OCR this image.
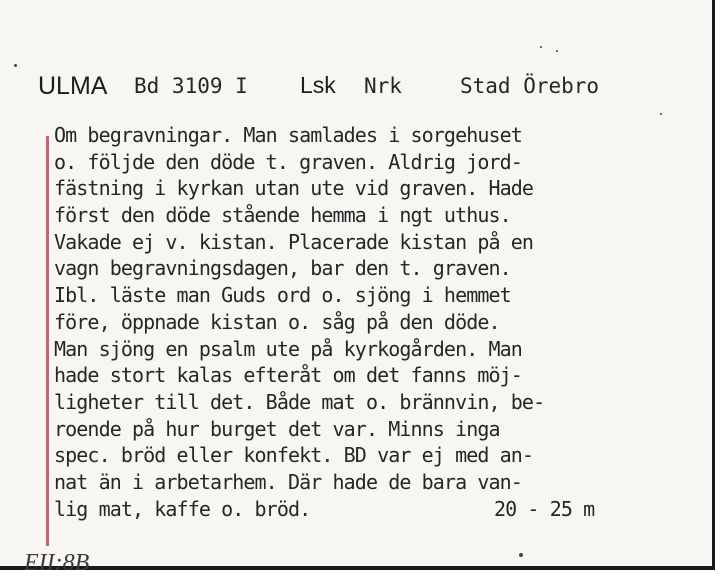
ULMA Bd 3109 I Lsk Nrk	Stad Örebro
Om begravningar. Man samlades i sorgehuset
o. följde den döde t. graven. Aldrig jord-
fästning i kyrkan utan ute vid graven. Hade
först den döde stående hemma i ngt uthus.
Vakade ej v. kistan. Placerade kistan på en
vagn begravningsdagen, bar den t. graven.
Ibl. läste man Guds ord o. sjöng i hemmet
före, öppnade kistan o. såg på den döde.
Man sjöng en psalm ute på kyrkogården. Man
hade stort kalas efteråt om det fanns möj-
ligheter till det. Både mat o. brännvin, be-
roende på hur burget det var. Minns inga
spec. bröd eller konfekt. BD var ej med an-
nat än i arbetarhem. Där hade de bara van-
lig mat, kaffe o. bröd.	20 - 25 m
EII:8B
